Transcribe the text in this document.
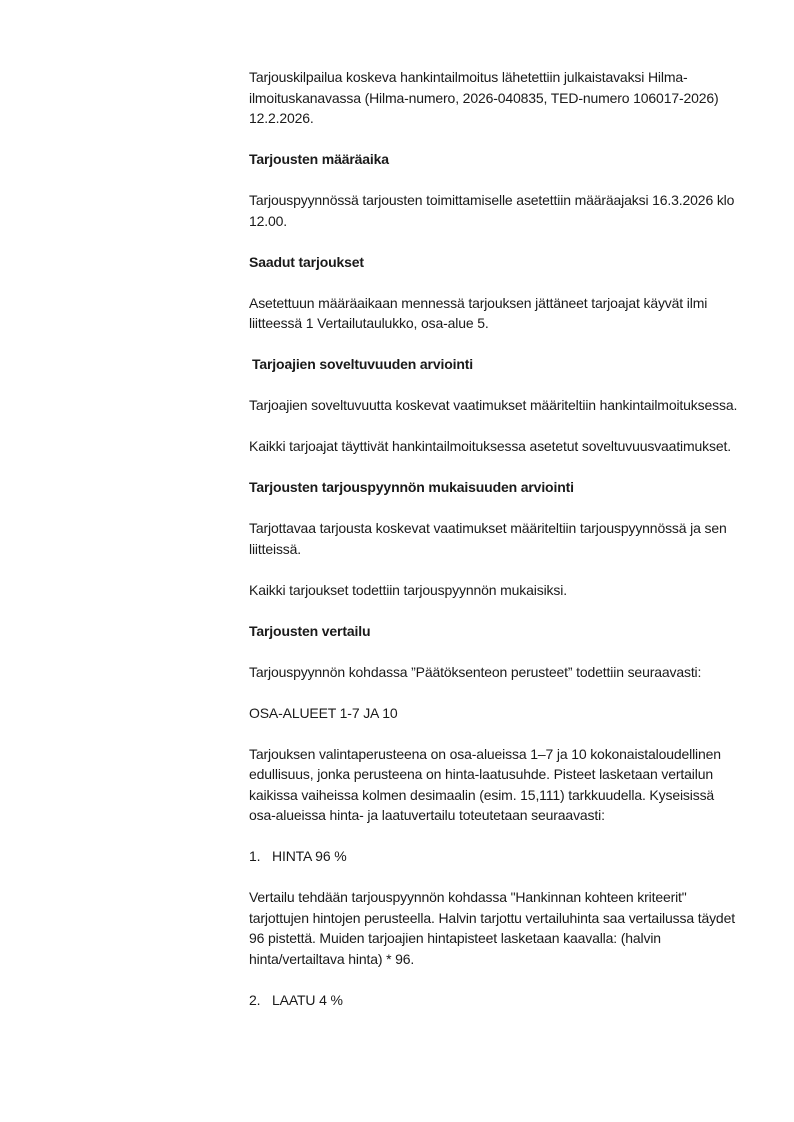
Tarjouskilpailua koskeva hankintailmoitus lähetettiin julkaistavaksi Hilma-ilmoituskanavassa (Hilma-numero, 2026-040835, TED-numero 106017-2026) 12.2.2026.

Tarjousten määräaika

Tarjouspyynnössä tarjousten toimittamiselle asetettiin määräajaksi 16.3.2026 klo 12.00.

Saadut tarjoukset

Asetettuun määräaikaan mennessä tarjouksen jättäneet tarjoajat käyvät ilmi liitteessä 1 Vertailutaulukko, osa-alue 5.

Tarjoajien soveltuvuuden arviointi

Tarjoajien soveltuvuutta koskevat vaatimukset määriteltiin hankintailmoituksessa.

Kaikki tarjoajat täyttivät hankintailmoituksessa asetetut soveltuvuusvaatimukset.

Tarjousten tarjouspyynnön mukaisuuden arviointi

Tarjottavaa tarjousta koskevat vaatimukset määriteltiin tarjouspyynnössä ja sen liitteissä.

Kaikki tarjoukset todettiin tarjouspyynnön mukaisiksi.

Tarjousten vertailu

Tarjouspyynnön kohdassa ”Päätöksenteon perusteet” todettiin seuraavasti:

OSA-ALUEET 1-7 JA 10

Tarjouksen valintaperusteena on osa-alueissa 1–7 ja 10 kokonaistaloudellinen edullisuus, jonka perusteena on hinta-laatusuhde. Pisteet lasketaan vertailun kaikissa vaiheissa kolmen desimaalin (esim. 15,111) tarkkuudella. Kyseisissä osa-alueissa hinta- ja laatuvertailu toteutetaan seuraavasti:

1. HINTA 96 %

Vertailu tehdään tarjouspyynnön kohdassa "Hankinnan kohteen kriteerit" tarjottujen hintojen perusteella. Halvin tarjottu vertailuhinta saa vertailussa täydet 96 pistettä. Muiden tarjoajien hintapisteet lasketaan kaavalla: (halvin hinta/vertailtava hinta) * 96.

2. LAATU 4 %
